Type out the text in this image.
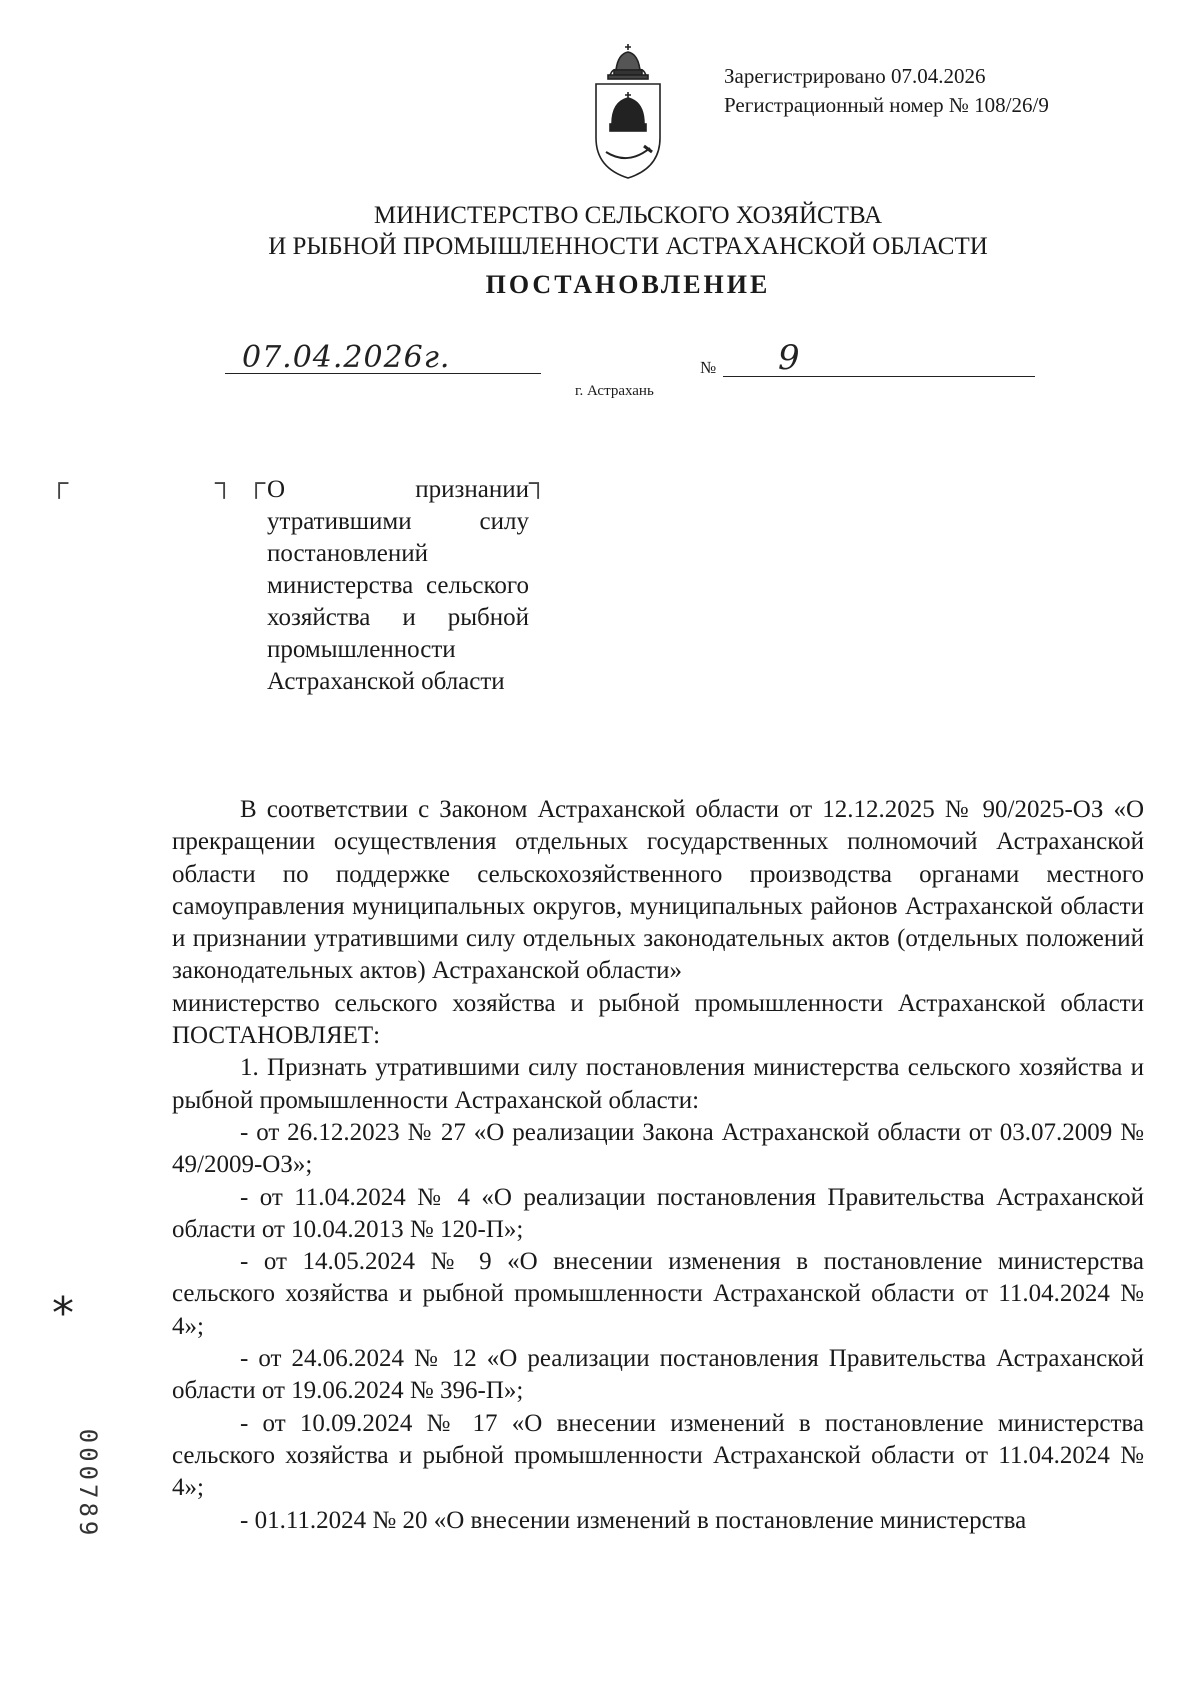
Зарегистрировано 07.04.2026
Регистрационный номер № 108/26/9
МИНИСТЕРСТВО СЕЛЬСКОГО ХОЗЯЙСТВА
И РЫБНОЙ ПРОМЫШЛЕННОСТИ АСТРАХАНСКОЙ ОБЛАСТИ
ПОСТАНОВЛЕНИЕ
07.04.2026г.	№ 9
г. Астрахань
┌	┐ ┌	┐
О признании утратившими силу постановлений министерства сельского хозяйства и рыбной промышленности Астраханской области

В соответствии с Законом Астраханской области от 12.12.2025 № 90/2025-ОЗ «О прекращении осуществления отдельных государственных полномочий Астраханской области по поддержке сельскохозяйственного производства органами местного самоуправления муниципальных округов, муниципальных районов Астраханской области и признании утратившими силу отдельных законодательных актов (отдельных положений законодательных актов) Астраханской области»

министерство сельского хозяйства и рыбной промышленности Астраханской области ПОСТАНОВЛЯЕТ:

1. Признать утратившими силу постановления министерства сельского хозяйства и рыбной промышленности Астраханской области:

- от 26.12.2023 № 27 «О реализации Закона Астраханской области от 03.07.2009 № 49/2009-ОЗ»;

- от 11.04.2024 № 4 «О реализации постановления Правительства Астраханской области от 10.04.2013 № 120-П»;

- от 14.05.2024 № 9 «О внесении изменения в постановление министерства сельского хозяйства и рыбной промышленности Астраханской области от 11.04.2024 № 4»;

- от 24.06.2024 № 12 «О реализации постановления Правительства Астраханской области от 19.06.2024 № 396-П»;

- от 10.09.2024 № 17 «О внесении изменений в постановление министерства сельского хозяйства и рыбной промышленности Астраханской области от 11.04.2024 № 4»;

- 01.11.2024 № 20 «О внесении изменений в постановление министерства

*
000789
